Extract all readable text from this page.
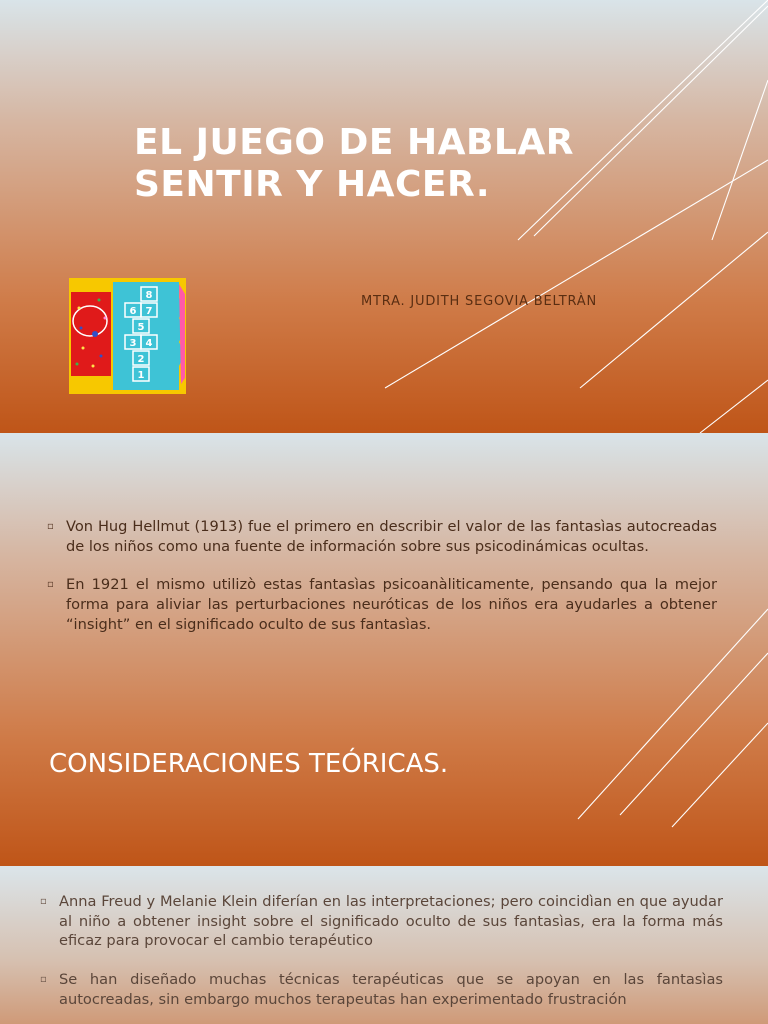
EL JUEGO DE HABLAR
SENTIR Y HACER.
MTRA. JUDITH SEGOVIA BELTRÀN
8
6 7
5
3 4
2
1
▫ Von Hug Hellmut (1913) fue el primero en describir el valor de las fantasìas autocreadas de los niños como una fuente de información sobre sus psicodinámicas ocultas.
▫ En 1921 el mismo utilizò estas fantasìas psicoanàliticamente, pensando qua la mejor forma para aliviar las perturbaciones neuróticas de los niños era ayudarles a obtener “insight” en el significado oculto de sus fantasìas.
CONSIDERACIONES TEÓRICAS.
▫ Anna Freud y Melanie Klein diferían en las interpretaciones; pero coincidìan en que ayudar al niño a obtener insight sobre el significado oculto de sus fantasìas, era la forma más eficaz para provocar el cambio terapéutico
▫ Se han diseñado muchas técnicas terapéuticas que se apoyan en las fantasìas autocreadas, sin embargo muchos terapeutas han experimentado frustración
